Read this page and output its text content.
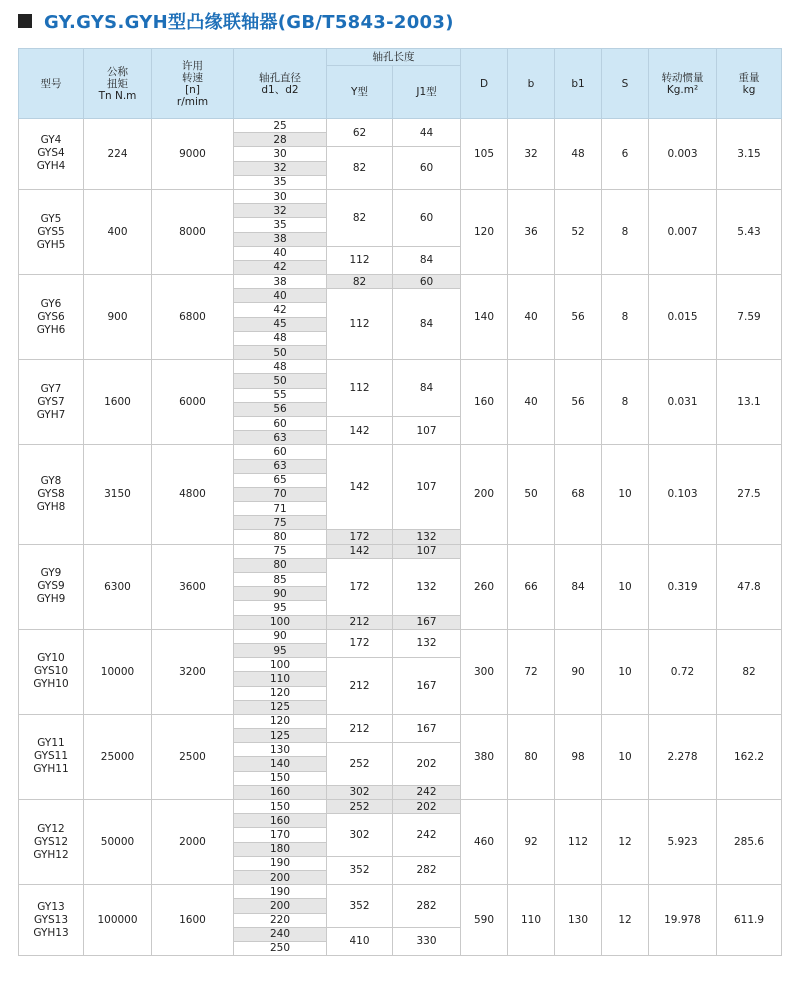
GY.GYS.GYH型凸缘联轴器(GB/T5843-2003)
型号	公称
扭矩
Tn N.m	许用
转速
[n]
r/mim	轴孔直径
d1、d2	轴孔长度		D	b	b1	S	转动惯量
Kg.m²	重量
kg
				Y型	J1型						
GY4
GYS4
GYH4	224	9000	25	62	44	105	32	48	6	0.003	3.15
			28								
			30	82	60						
			32								
			35								
GY5
GYS5
GYH5	400	8000	30	82	60	120	36	52	8	0.007	5.43
			32								
			35								
			38								
			40	112	84						
			42								
GY6
GYS6
GYH6	900	6800	38	82	60	140	40	56	8	0.015	7.59
			40	112	84						
			42								
			45								
			48								
			50								
GY7
GYS7
GYH7	1600	6000	48	112	84	160	40	56	8	0.031	13.1
			50								
			55								
			56								
			60	142	107						
			63								
GY8
GYS8
GYH8	3150	4800	60	142	107	200	50	68	10	0.103	27.5
			63								
			65								
			70								
			71								
			75								
			80	172	132						
GY9
GYS9
GYH9	6300	3600	75	142	107	260	66	84	10	0.319	47.8
			80	172	132						
			85								
			90								
			95								
			100	212	167						
GY10
GYS10
GYH10	10000	3200	90	172	132	300	72	90	10	0.72	82
			95								
			100	212	167						
			110								
			120								
			125								
GY11
GYS11
GYH11	25000	2500	120	212	167	380	80	98	10	2.278	162.2
			125								
			130	252	202						
			140								
			150								
			160	302	242						
GY12
GYS12
GYH12	50000	2000	150	252	202	460	92	112	12	5.923	285.6
			160	302	242						
			170								
			180								
			190	352	282						
			200								
GY13
GYS13
GYH13	100000	1600	190	352	282	590	110	130	12	19.978	611.9
			200								
			220								
			240	410	330						
			250								
